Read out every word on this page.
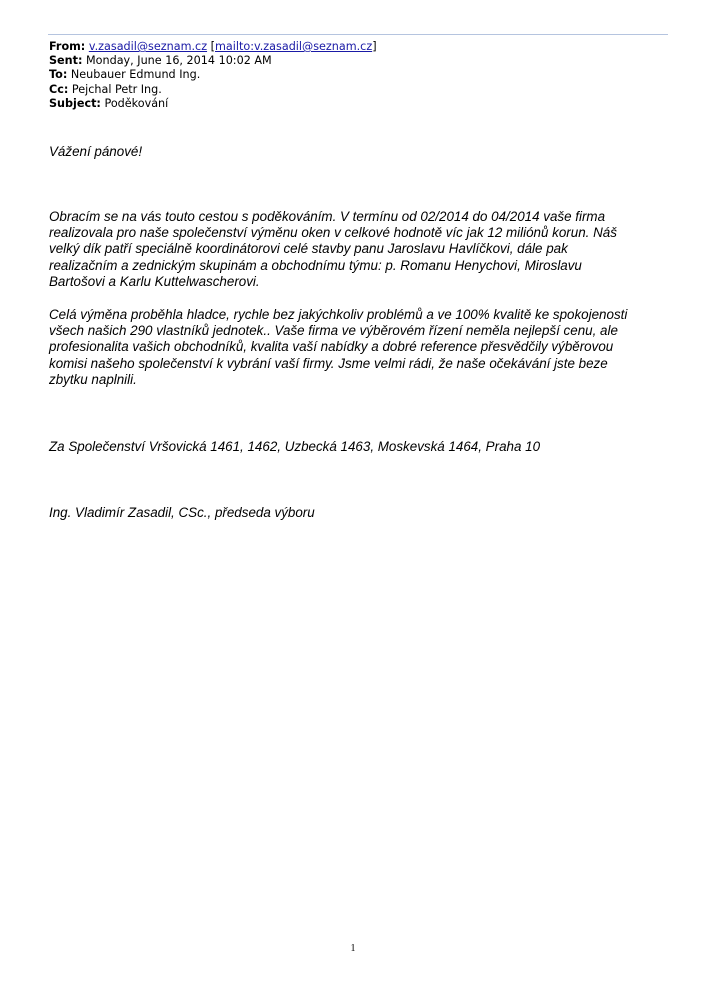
From: v.zasadil@seznam.cz [mailto:v.zasadil@seznam.cz]
Sent: Monday, June 16, 2014 10:02 AM
To: Neubauer Edmund Ing.
Cc: Pejchal Petr Ing.
Subject: Poděkování
Vážení pánové!
Obracím se na vás touto cestou s poděkováním. V termínu od 02/2014 do 04/2014 vaše firma
realizovala pro naše společenství výměnu oken v celkové hodnotě víc jak 12 miliónů korun. Náš
velký dík patří speciálně koordinátorovi celé stavby panu Jaroslavu Havlíčkovi, dále pak
realizačním a zednickým skupinám a obchodnímu týmu: p. Romanu Henychovi, Miroslavu
Bartošovi a Karlu Kuttelwascherovi.
Celá výměna proběhla hladce, rychle bez jakýchkoliv problémů a ve 100% kvalitě ke spokojenosti
všech našich 290 vlastníků jednotek.. Vaše firma ve výběrovém řízení neměla nejlepší cenu, ale
profesionalita vašich obchodníků, kvalita vaší nabídky a dobré reference přesvědčily výběrovou
komisi našeho společenství k vybrání vaší firmy. Jsme velmi rádi, že naše očekávání jste beze
zbytku naplnili.
Za Společenství Vršovická 1461, 1462, Uzbecká 1463, Moskevská 1464, Praha 10
Ing. Vladimír Zasadil, CSc., předseda výboru
1
